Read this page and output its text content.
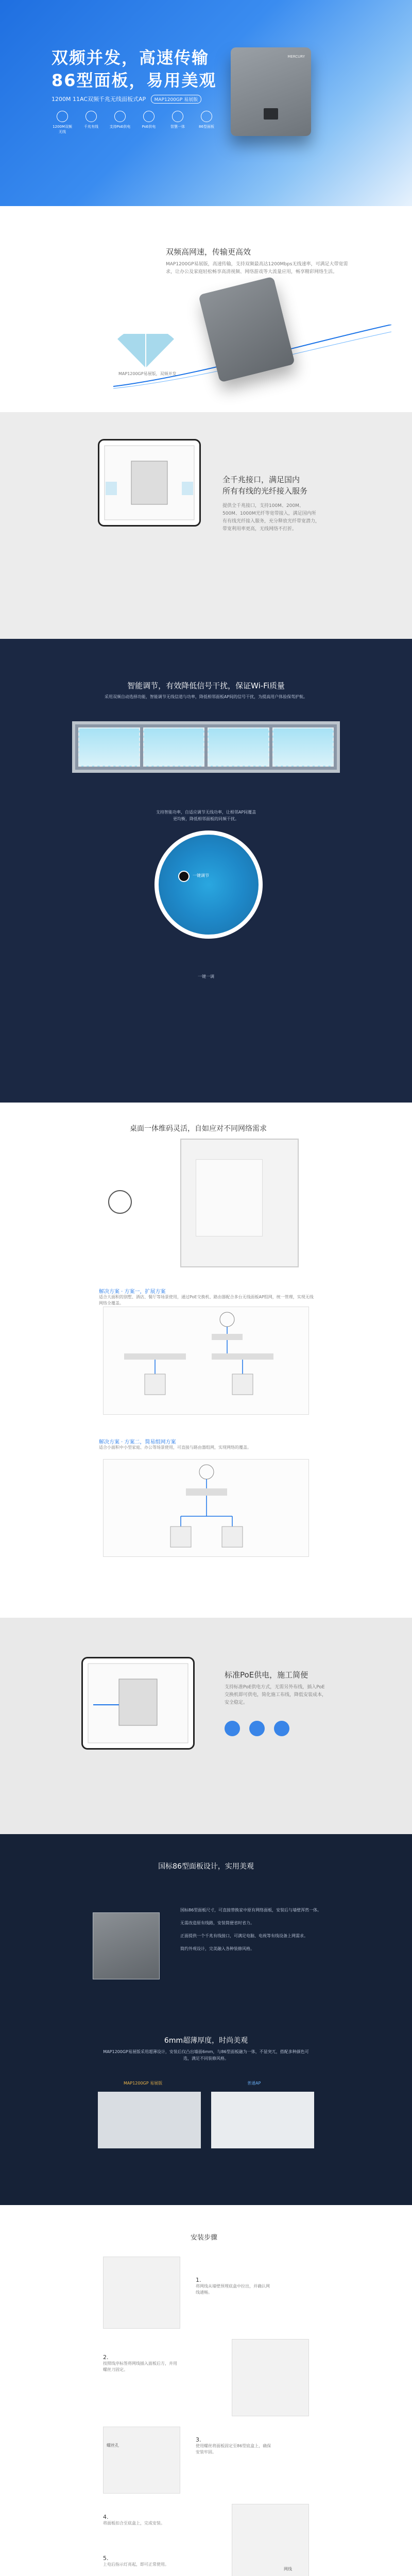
双频并发，高速传输
86型面板，易用美观
1200M 11AC双频千兆无线面板式AP MAP1200GP 易展版
1200M双频无线
千兆有线	支持PoE供电	PoE供电	智慧一体	86型面板
MERCURY
双频高网速，传输更高效
MAP1200GP易展版，高速传输，支持双频最高达1200Mbps无线速率，可满足大带宽需求，让办公及家庭轻松畅享高清视频、网络游戏等大流量应用，畅享精彩网络生活。
MAP1200GP易展版，双频并发
全千兆接口，满足国内
所有有线的光纤接入服务
提供全千兆接口，支持100M、200M、500M、1000M光纤等宽带接入，满足国内所有有线光纤接入服务，充分释放光纤带宽潜力，带宽利用率更高，无线网络不打折。
智能调节，有效降低信号干扰，保证Wi-Fi质量
采用双频自动选择功能，智能调节无线信道与功率，降低相邻面板AP间的信号干扰，为提高用户体验保驾护航。
支持智能功率，自适应调节无线功率，让相邻AP间覆盖更均衡，降低相邻面板的同频干扰。
一键调节
一键一调
桌面一体维码灵活，自如应对不同网络需求
解决方案 · 方案一，扩展方案
适合大面积的别墅、酒店、餐厅等场景使用，通过PoE交换机、路由器配合多台无线面板AP组网，统一管理，实现无线网络全覆盖。
解决方案 · 方案二，简易组网方案
适合小面积中小型家庭、办公等场景使用，可直接与路由器组网，实现网络的覆盖。
标准PoE供电，施工简便
支持标准PoE供电方式，无需另外布线，插入PoE交换机即可供电，简化施工布线，降低安装成本，安全稳定。
国标86型面板设计，实用美观
国标86型面板尺寸，可直接替换家中原有网络面板，安装后与墙壁浑然一体。
无需改造原有线路，安装简便省时省力。
正面提供一个千兆有线接口，可满足电脑、电视等有线设备上网需求。
简约外观设计，完美融入各种装修风格。
6mm超薄厚度，时尚美观
MAP1200GP易展版采用超薄设计，安装后仅凸出墙面6mm，与86型面板融为一体，不显突兀，搭配多种颜色可选，满足不同装修风格。
MAP1200GP 易展版	普通AP
安装步骤
1.
将网线从墙壁预埋底盒中拉出，并确认网线通畅。
2.
按照线序标签将网线插入面板后方，并用螺丝刀固定。
螺丝孔
3.
使用螺丝将面板固定至86型底盒上，确保安装牢固。
网线
4.
将面板扣合至底盒上，完成安装。
5.
上电后指示灯亮起，即可正常使用。
